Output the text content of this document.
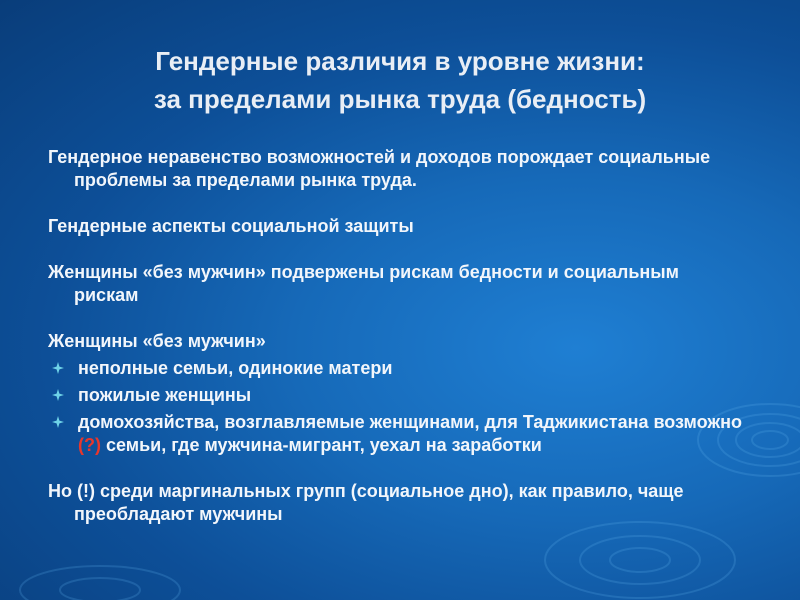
Гендерные различия в уровне жизни:
за пределами рынка труда (бедность)

Гендерное неравенство возможностей и доходов порождает социальные проблемы за пределами рынка труда.

Гендерные аспекты социальной защиты

Женщины «без мужчин» подвержены рискам бедности и социальным рискам

Женщины «без мужчин»

неполные семьи, одинокие матери
пожилые женщины
домохозяйства, возглавляемые женщинами, для Таджикистана возможно (?) семьи, где мужчина-мигрант, уехал на заработки

Но (!) среди маргинальных групп (социальное дно), как правило, чаще преобладают мужчины
